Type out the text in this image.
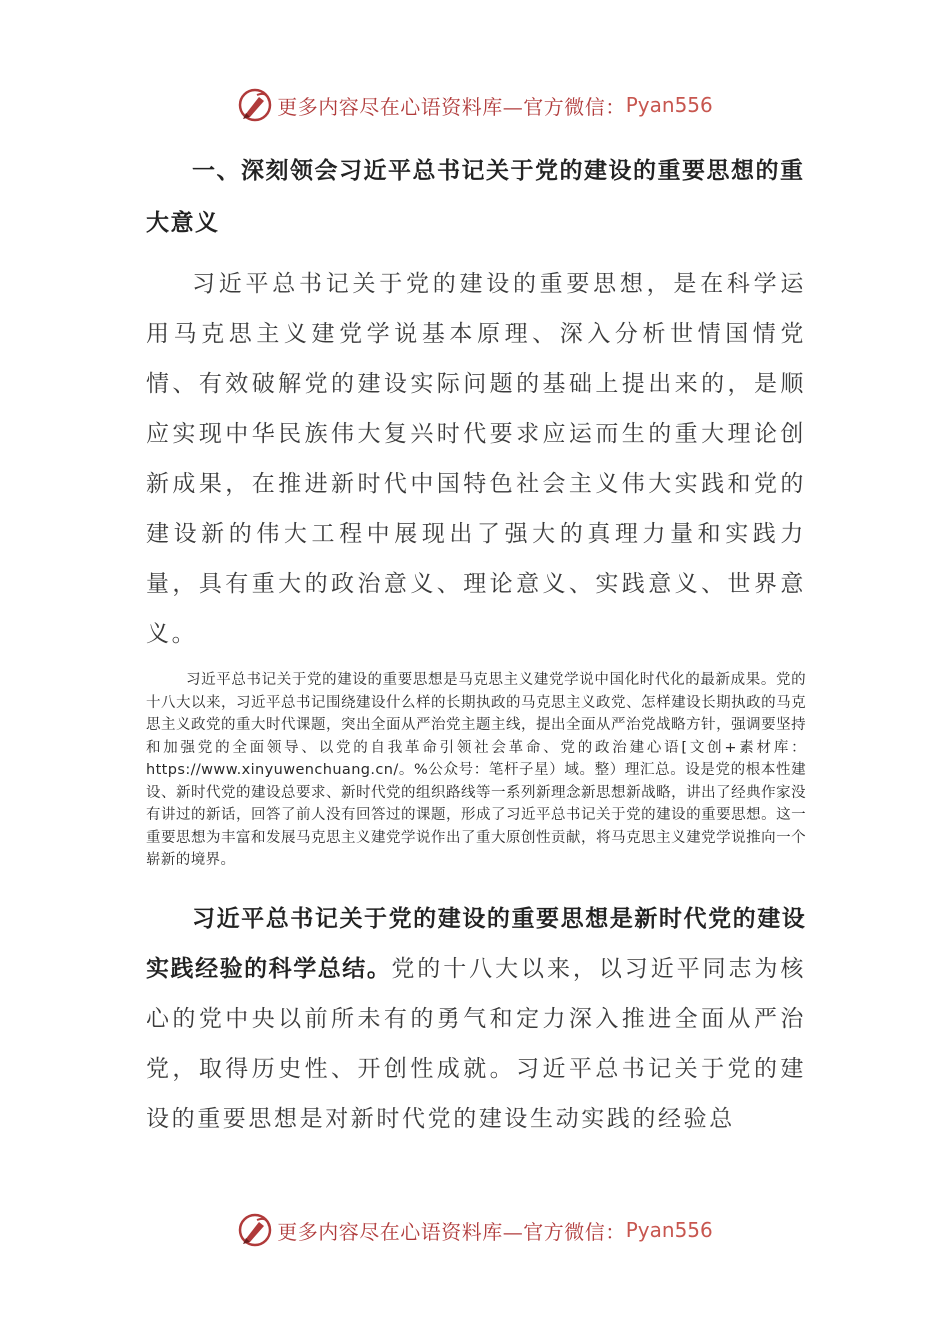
更多内容尽在心语资料库—官方微信： Pyan556

一、深刻领会习近平总书记关于党的建设的重要思想的重大意义

习近平总书记关于党的建设的重要思想，是在科学运用马克思主义建党学说基本原理、深入分析世情国情党情、有效破解党的建设实际问题的基础上提出来的，是顺应实现中华民族伟大复兴时代要求应运而生的重大理论创新成果，在推进新时代中国特色社会主义伟大实践和党的建设新的伟大工程中展现出了强大的真理力量和实践力量，具有重大的政治意义、理论意义、实践意义、世界意义。

习近平总书记关于党的建设的重要思想是马克思主义建党学说中国化时代化的最新成果。党的十八大以来，习近平总书记围绕建设什么样的长期执政的马克思主义政党、怎样建设长期执政的马克思主义政党的重大时代课题，突出全面从严治党主题主线，提出全面从严治党战略方针，强调要坚持和加强党的全面领导、以党的自我革命引领社会革命、党的政治建心语[文创+素材库：https://www.xinyuwenchuang.cn/。%公众号：笔杆子星）域。整）理汇总。设是党的根本性建设、新时代党的建设总要求、新时代党的组织路线等一系列新理念新思想新战略，讲出了经典作家没有讲过的新话，回答了前人没有回答过的课题，形成了习近平总书记关于党的建设的重要思想。这一重要思想为丰富和发展马克思主义建党学说作出了重大原创性贡献，将马克思主义建党学说推向一个崭新的境界。

习近平总书记关于党的建设的重要思想是新时代党的建设实践经验的科学总结。党的十八大以来，以习近平同志为核心的党中央以前所未有的勇气和定力深入推进全面从严治党，取得历史性、开创性成就。习近平总书记关于党的建设的重要思想是对新时代党的建设生动实践的经验总

更多内容尽在心语资料库—官方微信： Pyan556
